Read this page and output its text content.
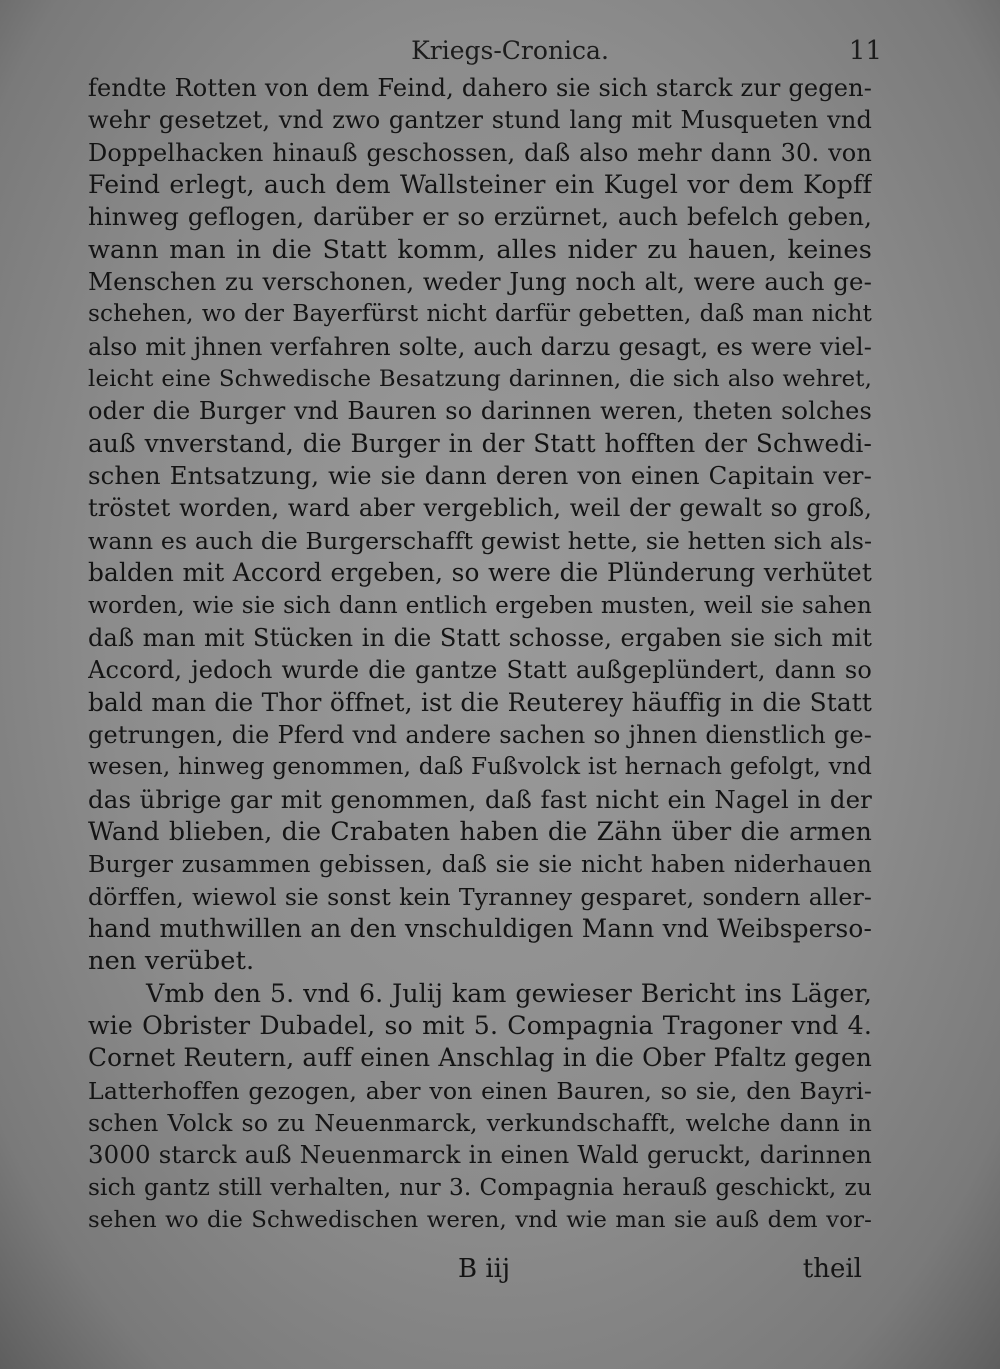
Kriegs-Cronica.	11
fendte Rotten von dem Feind, dahero sie sich starck zur gegen-
wehr gesetzet, vnd zwo gantzer stund lang mit Musqueten vnd
Doppelhacken hinauß geschossen, daß also mehr dann 30. von
Feind erlegt, auch dem Wallsteiner ein Kugel vor dem Kopff
hinweg geflogen, darüber er so erzürnet, auch befelch geben,
wann man in die Statt komm, alles nider zu hauen, keines
Menschen zu verschonen, weder Jung noch alt, were auch ge-
schehen, wo der Bayerfürst nicht darfür gebetten, daß man nicht
also mit jhnen verfahren solte, auch darzu gesagt, es were viel-
leicht eine Schwedische Besatzung darinnen, die sich also wehret,
oder die Burger vnd Bauren so darinnen weren, theten solches
auß vnverstand, die Burger in der Statt hofften der Schwedi-
schen Entsatzung, wie sie dann deren von einen Capitain ver-
tröstet worden, ward aber vergeblich, weil der gewalt so groß,
wann es auch die Burgerschafft gewist hette, sie hetten sich als-
balden mit Accord ergeben, so were die Plünderung verhütet
worden, wie sie sich dann entlich ergeben musten, weil sie sahen
daß man mit Stücken in die Statt schosse, ergaben sie sich mit
Accord, jedoch wurde die gantze Statt außgeplündert, dann so
bald man die Thor öffnet, ist die Reuterey häuffig in die Statt
getrungen, die Pferd vnd andere sachen so jhnen dienstlich ge-
wesen, hinweg genommen, daß Fußvolck ist hernach gefolgt, vnd
das übrige gar mit genommen, daß fast nicht ein Nagel in der
Wand blieben, die Crabaten haben die Zähn über die armen
Burger zusammen gebissen, daß sie sie nicht haben niderhauen
dörffen, wiewol sie sonst kein Tyranney gesparet, sondern aller-
hand muthwillen an den vnschuldigen Mann vnd Weibsperso-
nen verübet.
Vmb den 5. vnd 6. Julij kam gewieser Bericht ins Läger,
wie Obrister Dubadel, so mit 5. Compagnia Tragoner vnd 4.
Cornet Reutern, auff einen Anschlag in die Ober Pfaltz gegen
Latterhoffen gezogen, aber von einen Bauren, so sie, den Bayri-
schen Volck so zu Neuenmarck, verkundschafft, welche dann in
3000 starck auß Neuenmarck in einen Wald geruckt, darinnen
sich gantz still verhalten, nur 3. Compagnia herauß geschickt, zu
sehen wo die Schwedischen weren, vnd wie man sie auß dem vor-
B iij	theil
